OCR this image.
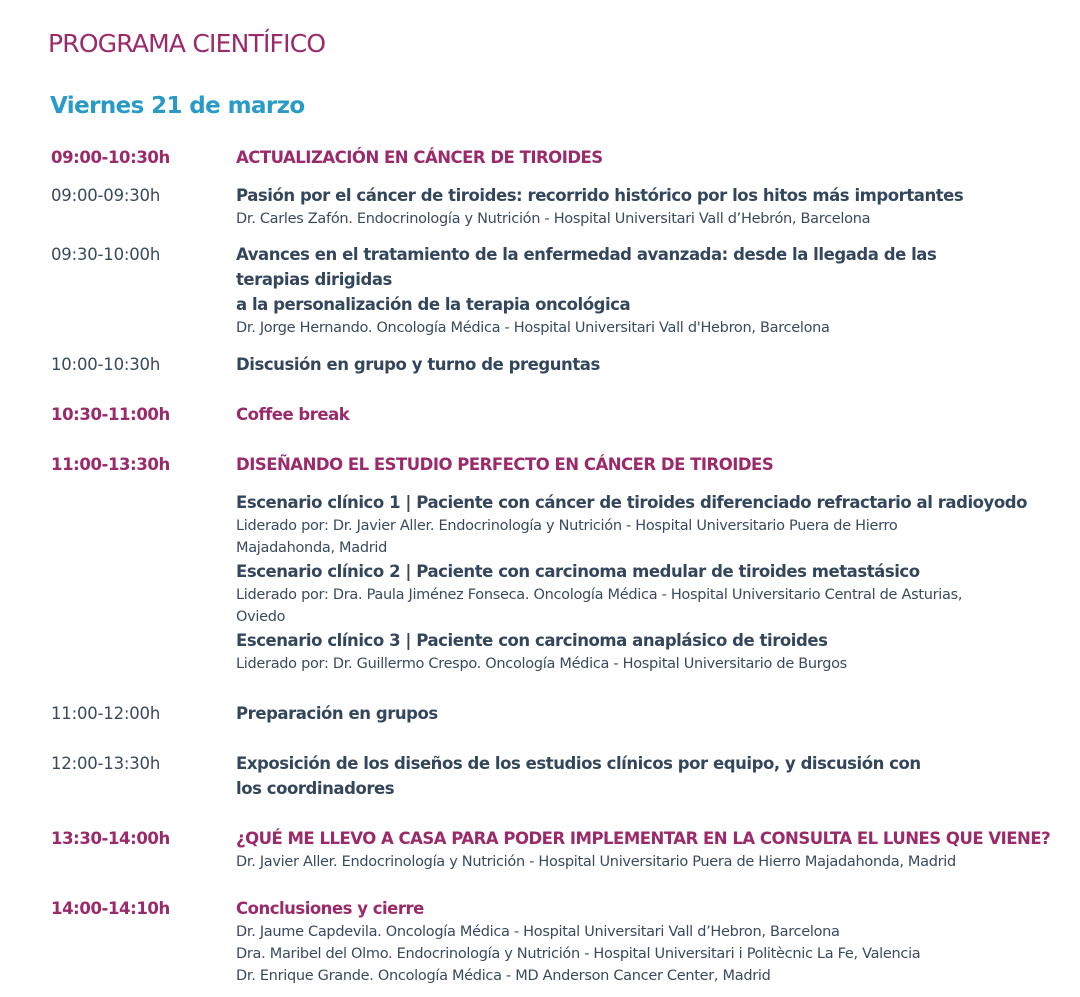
PROGRAMA CIENTÍFICO
Viernes 21 de marzo
09:00-10:30h	ACTUALIZACIÓN EN CÁNCER DE TIROIDES
09:00-09:30h	Pasión por el cáncer de tiroides: recorrido histórico por los hitos más importantes
Dr. Carles Zafón. Endocrinología y Nutrición - Hospital Universitari Vall d’Hebrón, Barcelona
09:30-10:00h	Avances en el tratamiento de la enfermedad avanzada: desde la llegada de las
terapias dirigidas
a la personalización de la terapia oncológica
Dr. Jorge Hernando. Oncología Médica - Hospital Universitari Vall d'Hebron, Barcelona
10:00-10:30h	Discusión en grupo y turno de preguntas
10:30-11:00h	Coffee break
11:00-13:30h	DISEÑANDO EL ESTUDIO PERFECTO EN CÁNCER DE TIROIDES
Escenario clínico 1 | Paciente con cáncer de tiroides diferenciado refractario al radioyodo
Liderado por: Dr. Javier Aller. Endocrinología y Nutrición - Hospital Universitario Puera de Hierro
Majadahonda, Madrid
Escenario clínico 2 | Paciente con carcinoma medular de tiroides metastásico
Liderado por: Dra. Paula Jiménez Fonseca. Oncología Médica - Hospital Universitario Central de Asturias,
Oviedo
Escenario clínico 3 | Paciente con carcinoma anaplásico de tiroides
Liderado por: Dr. Guillermo Crespo. Oncología Médica - Hospital Universitario de Burgos
11:00-12:00h	Preparación en grupos
12:00-13:30h	Exposición de los diseños de los estudios clínicos por equipo, y discusión con
los coordinadores
13:30-14:00h	¿QUÉ ME LLEVO A CASA PARA PODER IMPLEMENTAR EN LA CONSULTA EL LUNES QUE VIENE?
Dr. Javier Aller. Endocrinología y Nutrición - Hospital Universitario Puera de Hierro Majadahonda, Madrid
14:00-14:10h	Conclusiones y cierre
Dr. Jaume Capdevila. Oncología Médica - Hospital Universitari Vall d’Hebron, Barcelona
Dra. Maribel del Olmo. Endocrinología y Nutrición - Hospital Universitari i Politècnic La Fe, Valencia
Dr. Enrique Grande. Oncología Médica - MD Anderson Cancer Center, Madrid
